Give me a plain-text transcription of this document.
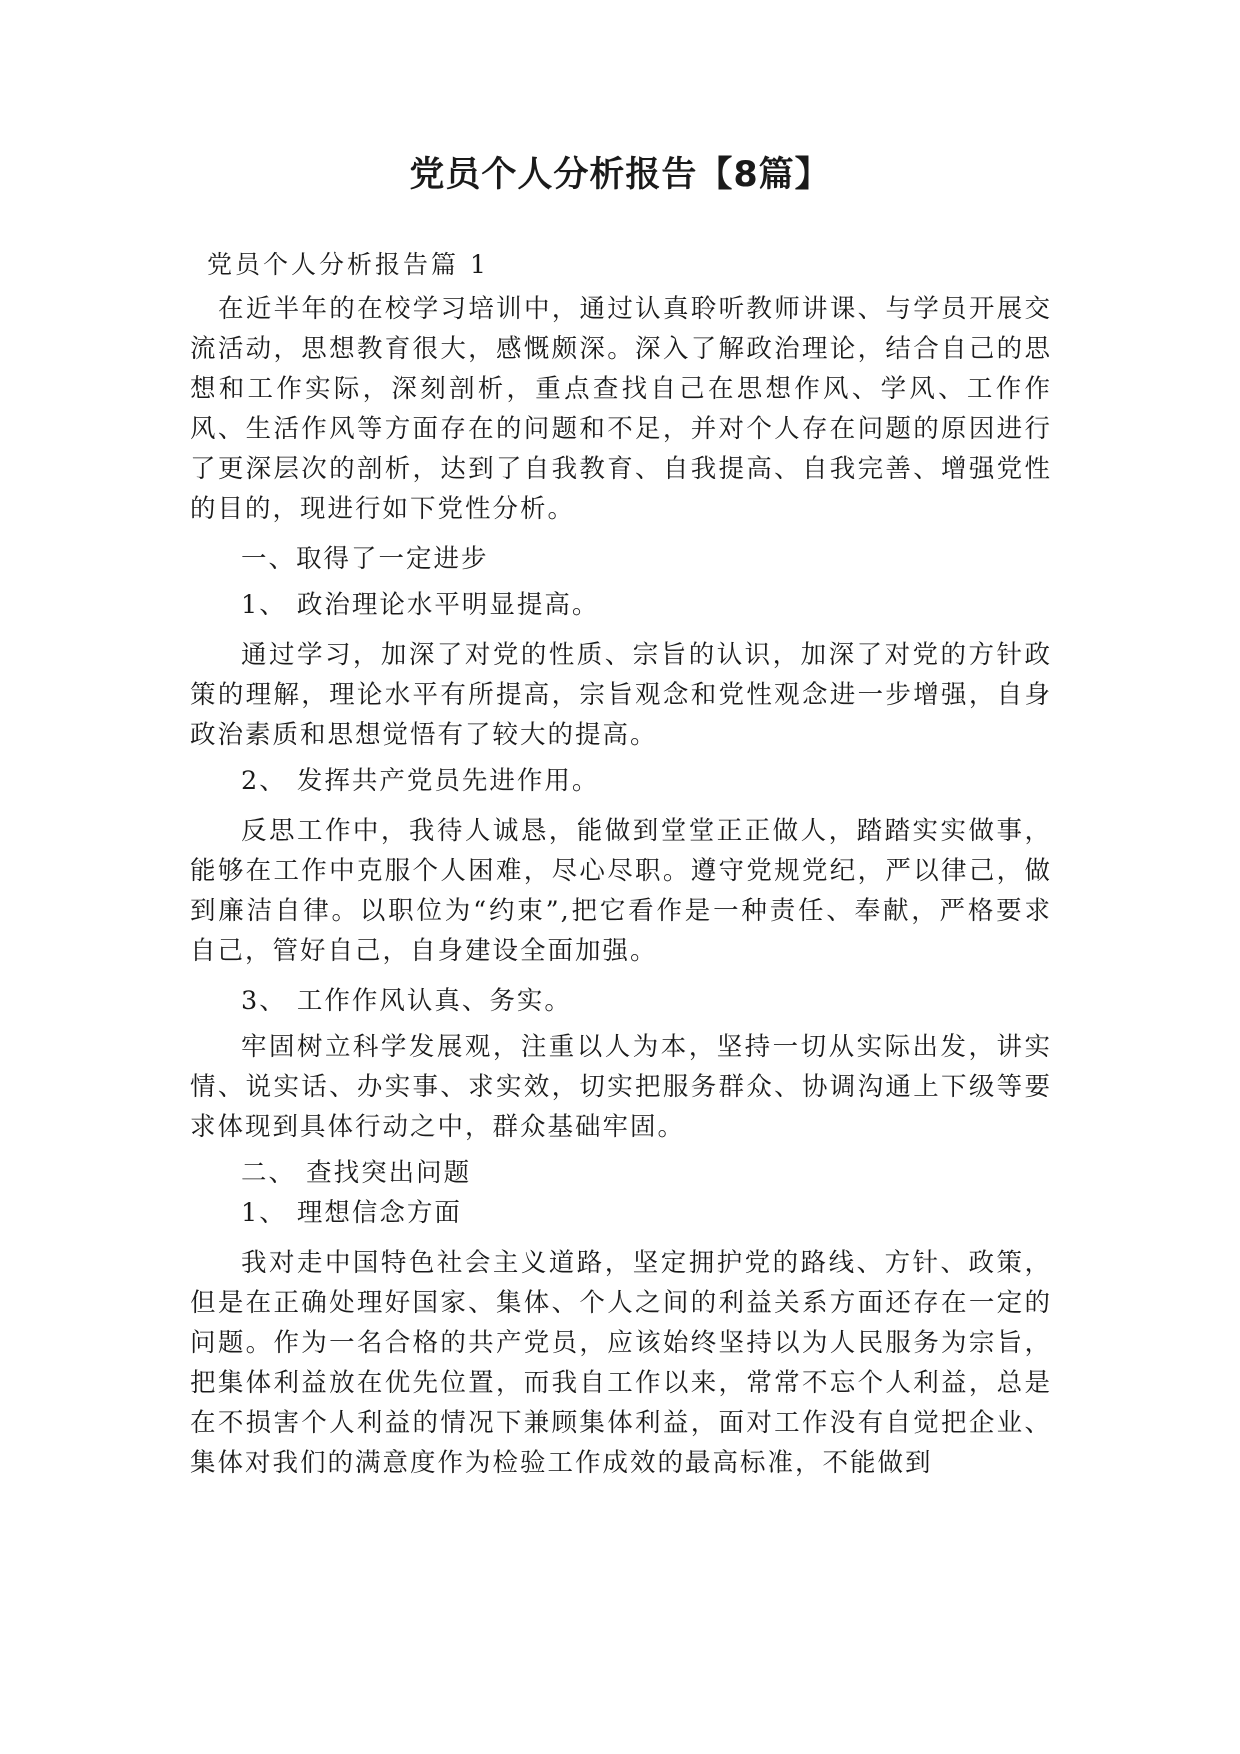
党员个人分析报告【8篇】

党员个人分析报告篇 1

在近半年的在校学习培训中，通过认真聆听教师讲课、与学员开展交流活动，思想教育很大，感慨颇深。深入了解政治理论，结合自己的思想和工作实际，深刻剖析，重点查找自己在思想作风、学风、工作作风、生活作风等方面存在的问题和不足，并对个人存在问题的原因进行了更深层次的剖析，达到了自我教育、自我提高、自我完善、增强党性的目的，现进行如下党性分析。

一、取得了一定进步

1、 政治理论水平明显提高。

通过学习，加深了对党的性质、宗旨的认识，加深了对党的方针政策的理解，理论水平有所提高，宗旨观念和党性观念进一步增强，自身政治素质和思想觉悟有了较大的提高。

2、 发挥共产党员先进作用。

反思工作中，我待人诚恳，能做到堂堂正正做人，踏踏实实做事，能够在工作中克服个人困难，尽心尽职。遵守党规党纪，严以律己，做到廉洁自律。以职位为“约束”,把它看作是一种责任、奉献，严格要求自己，管好自己，自身建设全面加强。

3、 工作作风认真、务实。

牢固树立科学发展观，注重以人为本，坚持一切从实际出发，讲实情、说实话、办实事、求实效，切实把服务群众、协调沟通上下级等要求体现到具体行动之中，群众基础牢固。

二、 查找突出问题

1、 理想信念方面

我对走中国特色社会主义道路，坚定拥护党的路线、方针、政策，但是在正确处理好国家、集体、个人之间的利益关系方面还存在一定的问题。作为一名合格的共产党员，应该始终坚持以为人民服务为宗旨，把集体利益放在优先位置，而我自工作以来，常常不忘个人利益，总是在不损害个人利益的情况下兼顾集体利益，面对工作没有自觉把企业、集体对我们的满意度作为检验工作成效的最高标准，不能做到
